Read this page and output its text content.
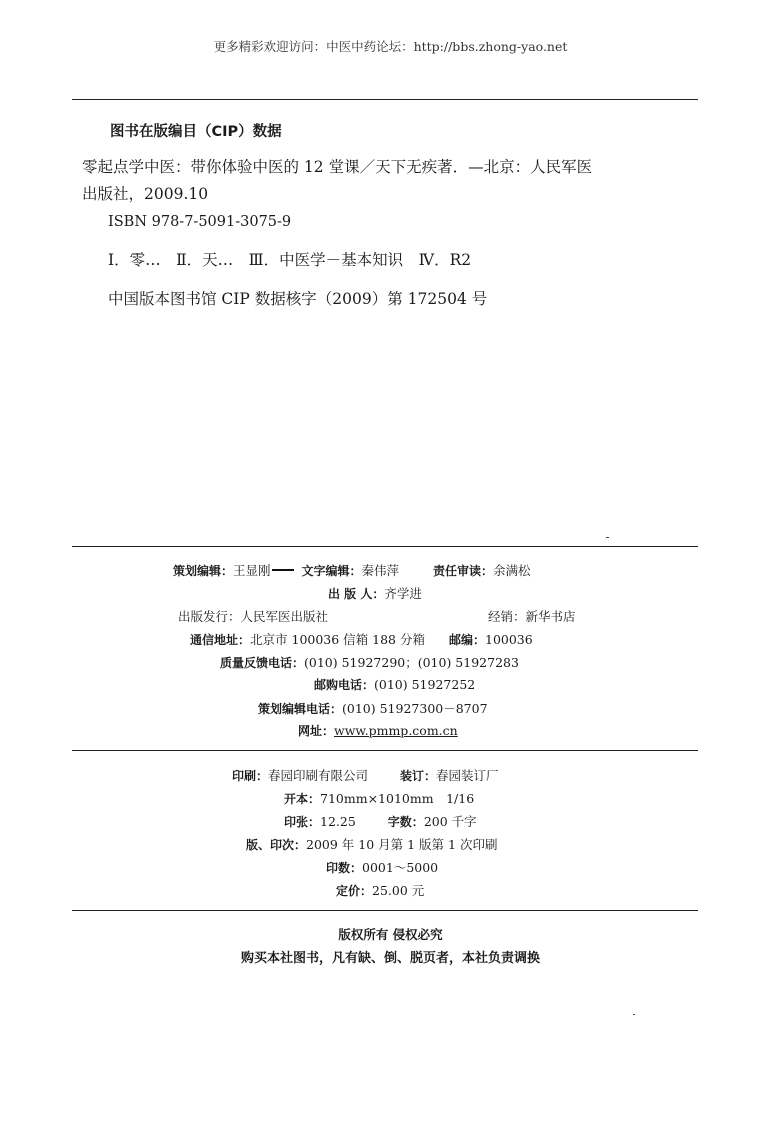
更多精彩欢迎访问：中医中药论坛：http://bbs.zhong-yao.net
图书在版编目（CIP）数据
零起点学中医：带你体验中医的 12 堂课／天下无疾著．—北京：人民军医
出版社，2009.10
ISBN 978-7-5091-3075-9
Ⅰ．零…　Ⅱ．天…　Ⅲ．中医学－基本知识　Ⅳ．R2
中国版本图书馆 CIP 数据核字（2009）第 172504 号
策划编辑：王显刚	文字编辑：秦伟萍	责任审读：余满松
出 版 人：齐学进
出版发行：人民军医出版社	经销：新华书店
通信地址：北京市 100036 信箱 188 分箱 邮编：100036
质量反馈电话：(010) 51927290；(010) 51927283
邮购电话：(010) 51927252
策划编辑电话：(010) 51927300－8707
网址：www.pmmp.com.cn
印刷：春园印刷有限公司	装订：春园装订厂
开本：710mm×1010mm　1/16
印张：12.25	字数：200 千字
版、印次：2009 年 10 月第 1 版第 1 次印刷
印数：0001～5000
定价：25.00 元
版权所有 侵权必究
购买本社图书，凡有缺、倒、脱页者，本社负责调换
